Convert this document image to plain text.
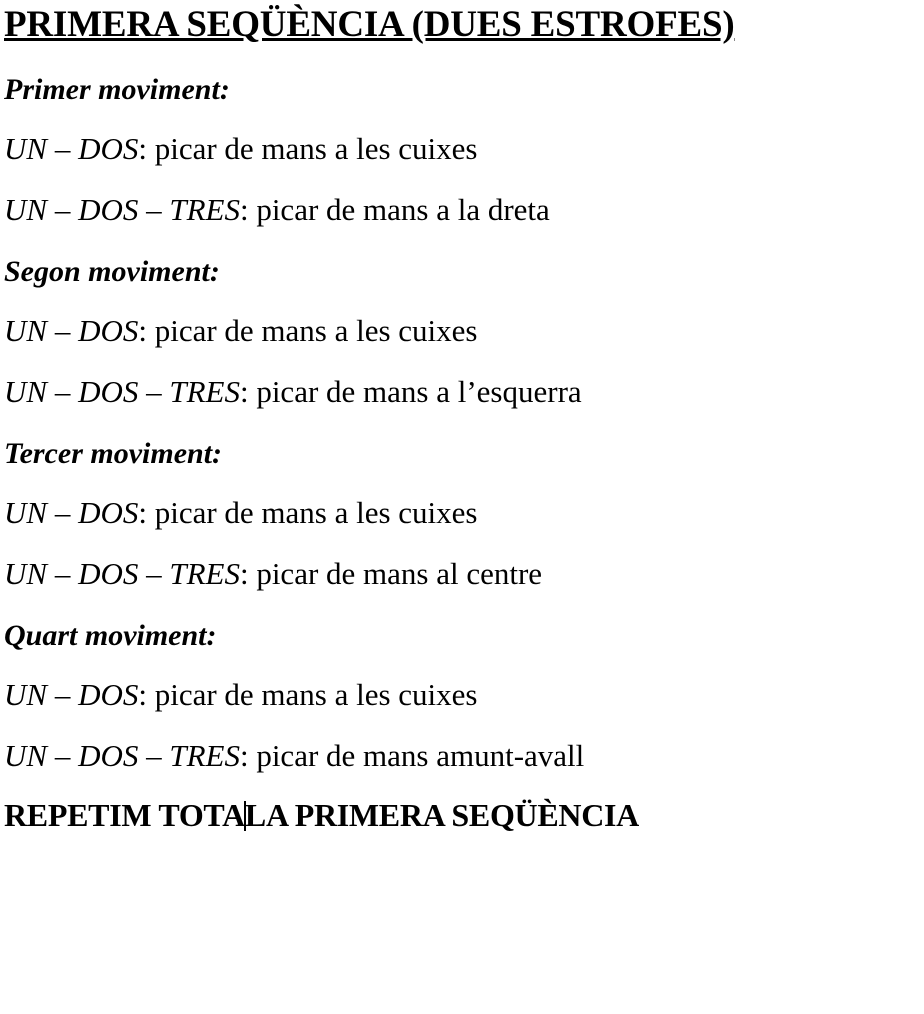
PRIMERA SEQÜÈNCIA (DUES ESTROFES)
Primer moviment:
UN – DOS: picar de mans a les cuixes
UN – DOS – TRES: picar de mans a la dreta
Segon moviment:
UN – DOS: picar de mans a les cuixes
UN – DOS – TRES: picar de mans a l’esquerra
Tercer moviment:
UN – DOS: picar de mans a les cuixes
UN – DOS – TRES: picar de mans al centre
Quart moviment:
UN – DOS: picar de mans a les cuixes
UN – DOS – TRES: picar de mans amunt-avall
REPETIM TOTALA PRIMERA SEQÜÈNCIA
